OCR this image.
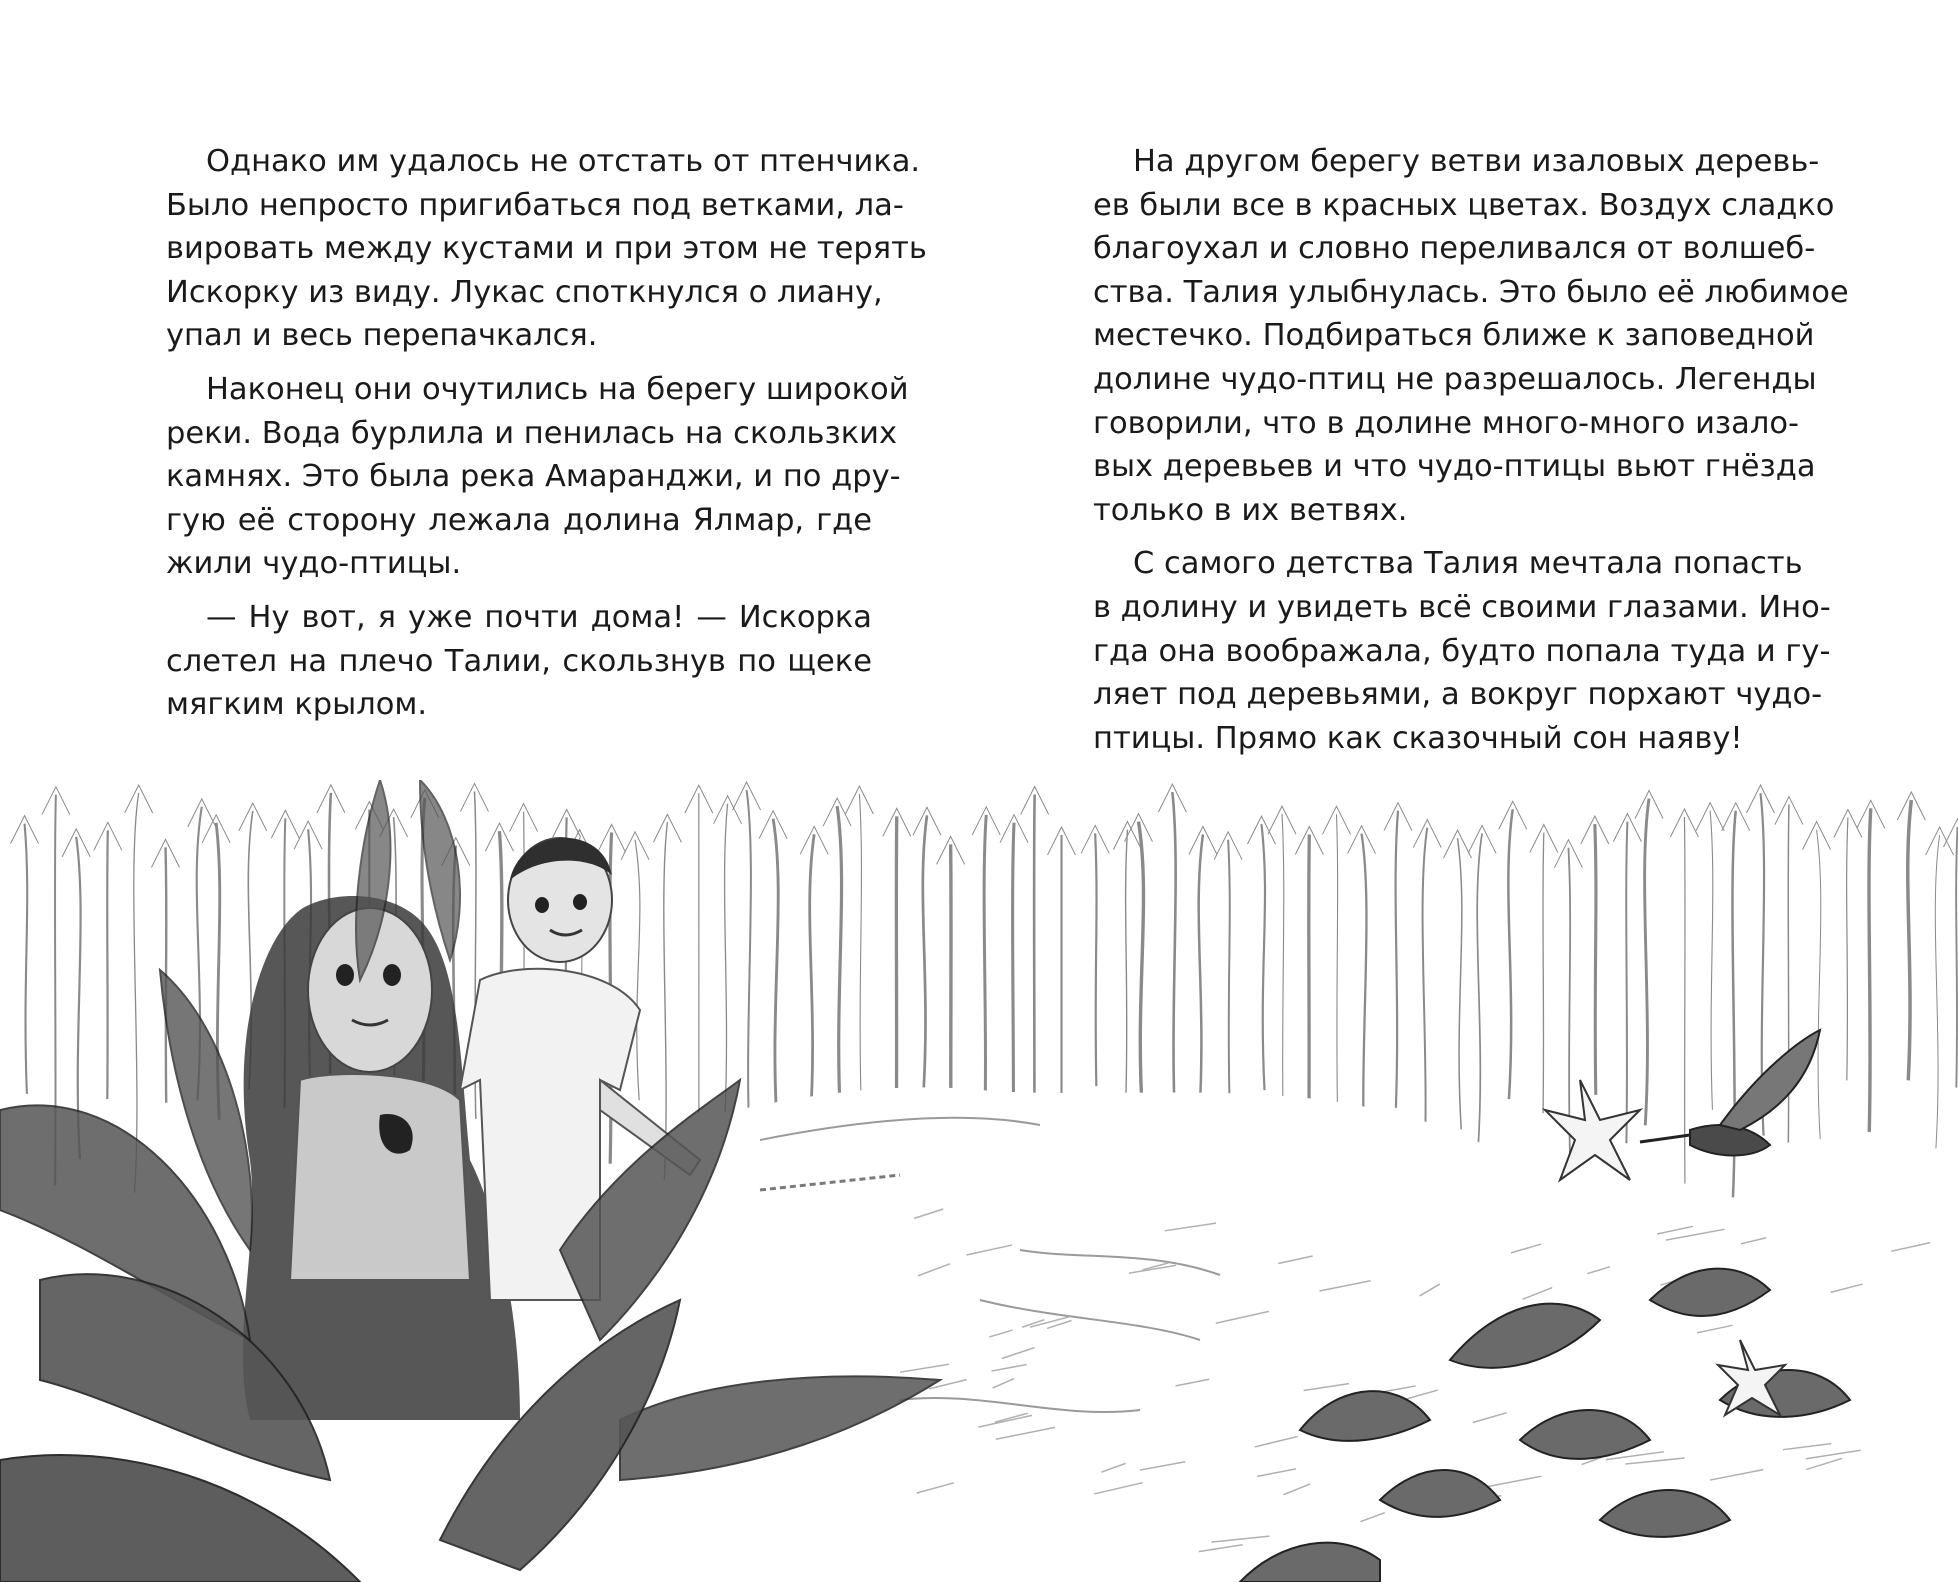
Однако им удалось не отстать от птенчика.
Было непросто пригибаться под ветками, ла-
вировать между кустами и при этом не терять
Искорку из виду. Лукас споткнулся о лиану,
упал и весь перепачкался.
Наконец они очутились на берегу широкой
реки. Вода бурлила и пенилась на скользких
камнях. Это была река Амаранджи, и по дру-
гую её сторону лежала долина Ялмар, где
жили чудо-птицы.
— Ну вот, я уже почти дома! — Искорка
слетел на плечо Талии, скользнув по щеке
мягким крылом.
На другом берегу ветви изаловых деревь-
ев были все в красных цветах. Воздух сладко
благоухал и словно переливался от волшеб-
ства. Талия улыбнулась. Это было её любимое
местечко. Подбираться ближе к заповедной
долине чудо-птиц не разрешалось. Легенды
говорили, что в долине много-много изало-
вых деревьев и что чудо-птицы вьют гнёзда
только в их ветвях.
С самого детства Талия мечтала попасть
в долину и увидеть всё своими глазами. Ино-
гда она воображала, будто попала туда и гу-
ляет под деревьями, а вокруг порхают чудо-
птицы. Прямо как сказочный сон наяву!
